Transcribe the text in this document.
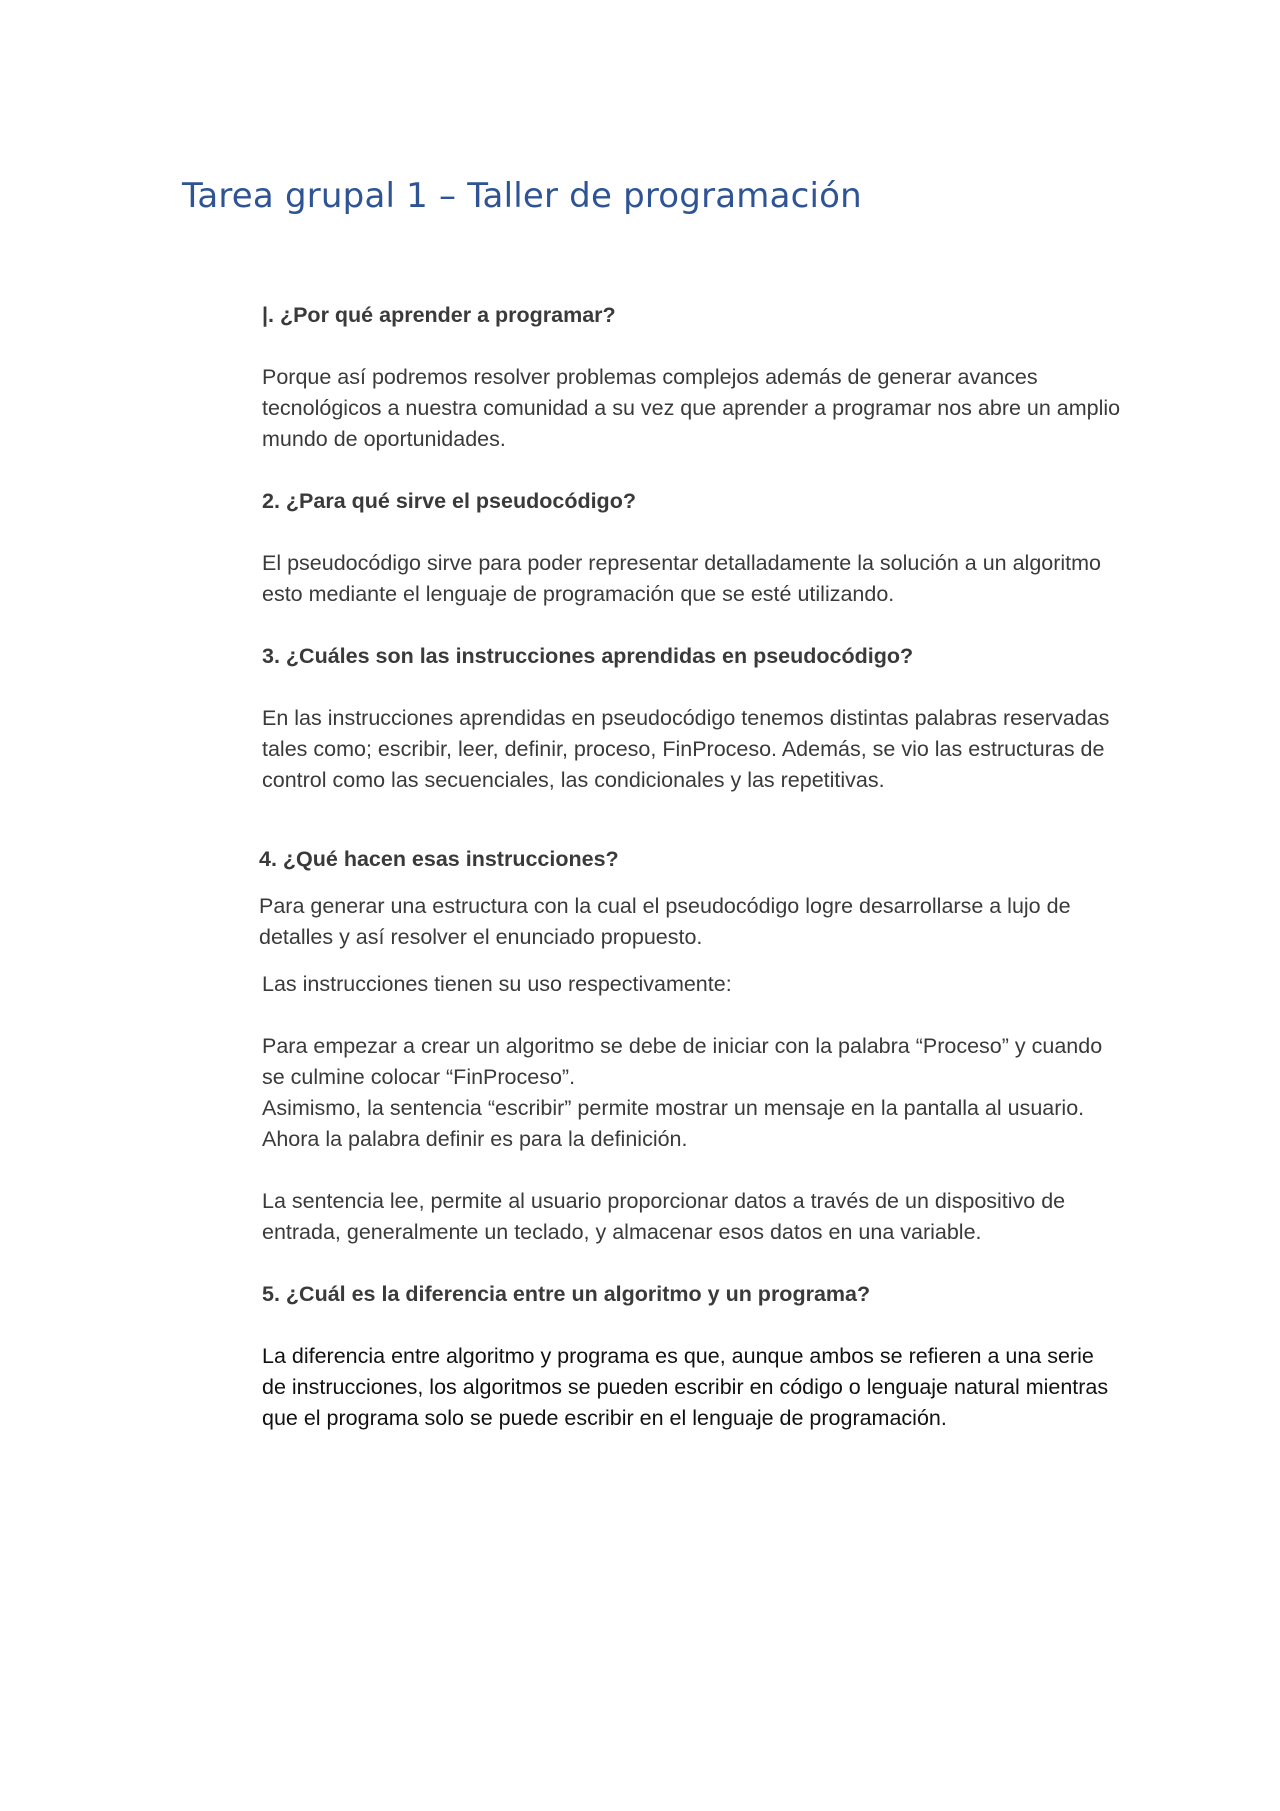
Tarea grupal 1 – Taller de programación

|. ¿Por qué aprender a programar?

Porque así podremos resolver problemas complejos además de generar avances tecnológicos a nuestra comunidad a su vez que aprender a programar nos abre un amplio mundo de oportunidades.

2. ¿Para qué sirve el pseudocódigo?

El pseudocódigo sirve para poder representar detalladamente la solución a un algoritmo esto mediante el lenguaje de programación que se esté utilizando.

3. ¿Cuáles son las instrucciones aprendidas en pseudocódigo?

En las instrucciones aprendidas en pseudocódigo tenemos distintas palabras reservadas tales como; escribir, leer, definir, proceso, FinProceso. Además, se vio las estructuras de control como las secuenciales, las condicionales y las repetitivas.

4. ¿Qué hacen esas instrucciones?

Para generar una estructura con la cual el pseudocódigo logre desarrollarse a lujo de detalles y así resolver el enunciado propuesto.

Las instrucciones tienen su uso respectivamente:

Para empezar a crear un algoritmo se debe de iniciar con la palabra “Proceso” y cuando se culmine colocar “FinProceso”.

Asimismo, la sentencia “escribir” permite mostrar un mensaje en la pantalla al usuario. Ahora la palabra definir es para la definición.

La sentencia lee, permite al usuario proporcionar datos a través de un dispositivo de entrada, generalmente un teclado, y almacenar esos datos en una variable.

5. ¿Cuál es la diferencia entre un algoritmo y un programa?

La diferencia entre algoritmo y programa es que, aunque ambos se refieren a una serie de instrucciones, los algoritmos se pueden escribir en código o lenguaje natural mientras que el programa solo se puede escribir en el lenguaje de programación.
